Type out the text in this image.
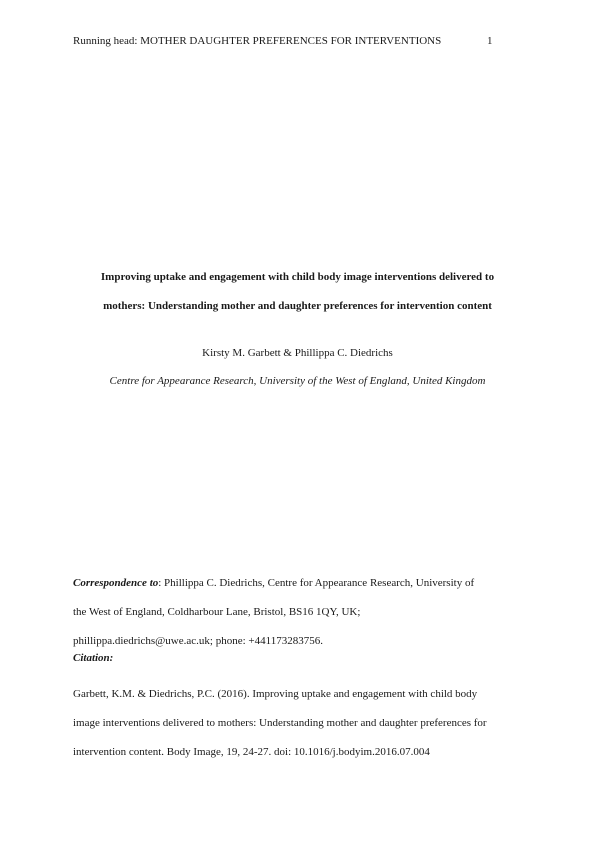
Running head: MOTHER DAUGHTER PREFERENCES FOR INTERVENTIONS	1
Improving uptake and engagement with child body image interventions delivered to
mothers: Understanding mother and daughter preferences for intervention content
Kirsty M. Garbett & Phillippa C. Diedrichs
Centre for Appearance Research, University of the West of England, United Kingdom
Correspondence to: Phillippa C. Diedrichs, Centre for Appearance Research, University of
the West of England, Coldharbour Lane, Bristol, BS16 1QY, UK;
phillippa.diedrichs@uwe.ac.uk; phone: +441173283756.
Citation:
Garbett, K.M. & Diedrichs, P.C. (2016). Improving uptake and engagement with child body
image interventions delivered to mothers: Understanding mother and daughter preferences for
intervention content. Body Image, 19, 24-27. doi: 10.1016/j.bodyim.2016.07.004
